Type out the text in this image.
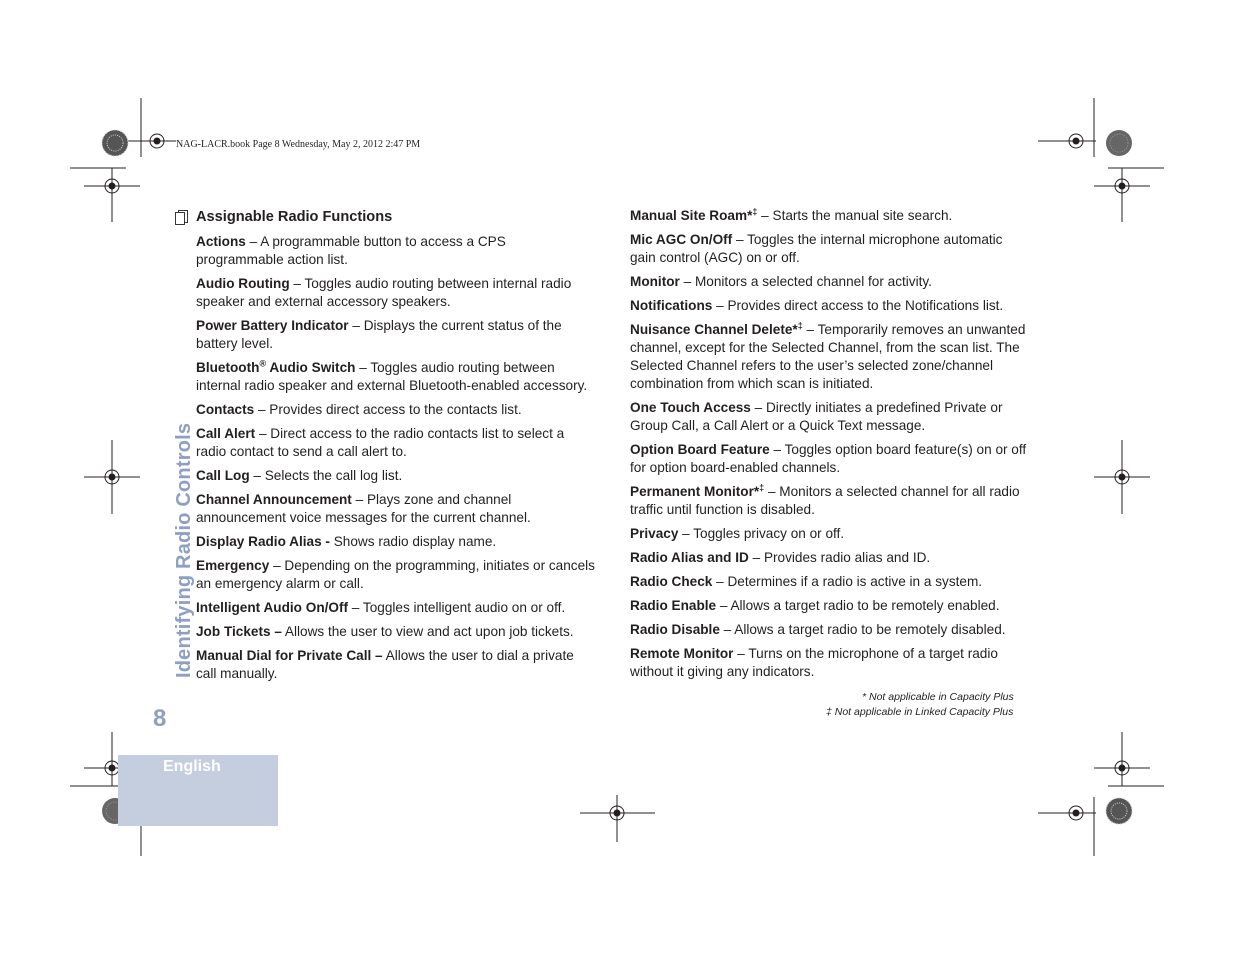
NAG-LACR.book Page 8 Wednesday, May 2, 2012 2:47 PM
Identifying Radio Controls
8
English
Assignable Radio Functions
Actions – A programmable button to access a CPS programmable action list.
Audio Routing – Toggles audio routing between internal radio speaker and external accessory speakers.
Power Battery Indicator – Displays the current status of the battery level.
Bluetooth® Audio Switch – Toggles audio routing between internal radio speaker and external Bluetooth-enabled accessory.
Contacts – Provides direct access to the contacts list.
Call Alert – Direct access to the radio contacts list to select a radio contact to send a call alert to.
Call Log – Selects the call log list.
Channel Announcement – Plays zone and channel announcement voice messages for the current channel.
Display Radio Alias - Shows radio display name.
Emergency – Depending on the programming, initiates or cancels an emergency alarm or call.
Intelligent Audio On/Off – Toggles intelligent audio on or off.
Job Tickets – Allows the user to view and act upon job tickets.
Manual Dial for Private Call – Allows the user to dial a private call manually.
Manual Site Roam*‡ – Starts the manual site search.
Mic AGC On/Off – Toggles the internal microphone automatic gain control (AGC) on or off.
Monitor – Monitors a selected channel for activity.
Notifications – Provides direct access to the Notifications list.
Nuisance Channel Delete*‡ – Temporarily removes an unwanted channel, except for the Selected Channel, from the scan list. The Selected Channel refers to the user’s selected zone/channel combination from which scan is initiated.
One Touch Access – Directly initiates a predefined Private or Group Call, a Call Alert or a Quick Text message.
Option Board Feature – Toggles option board feature(s) on or off for option board-enabled channels.
Permanent Monitor*‡ – Monitors a selected channel for all radio traffic until function is disabled.
Privacy – Toggles privacy on or off.
Radio Alias and ID – Provides radio alias and ID.
Radio Check – Determines if a radio is active in a system.
Radio Enable – Allows a target radio to be remotely enabled.
Radio Disable – Allows a target radio to be remotely disabled.
Remote Monitor – Turns on the microphone of a target radio without it giving any indicators.
* Not applicable in Capacity Plus
‡ Not applicable in Linked Capacity Plus
